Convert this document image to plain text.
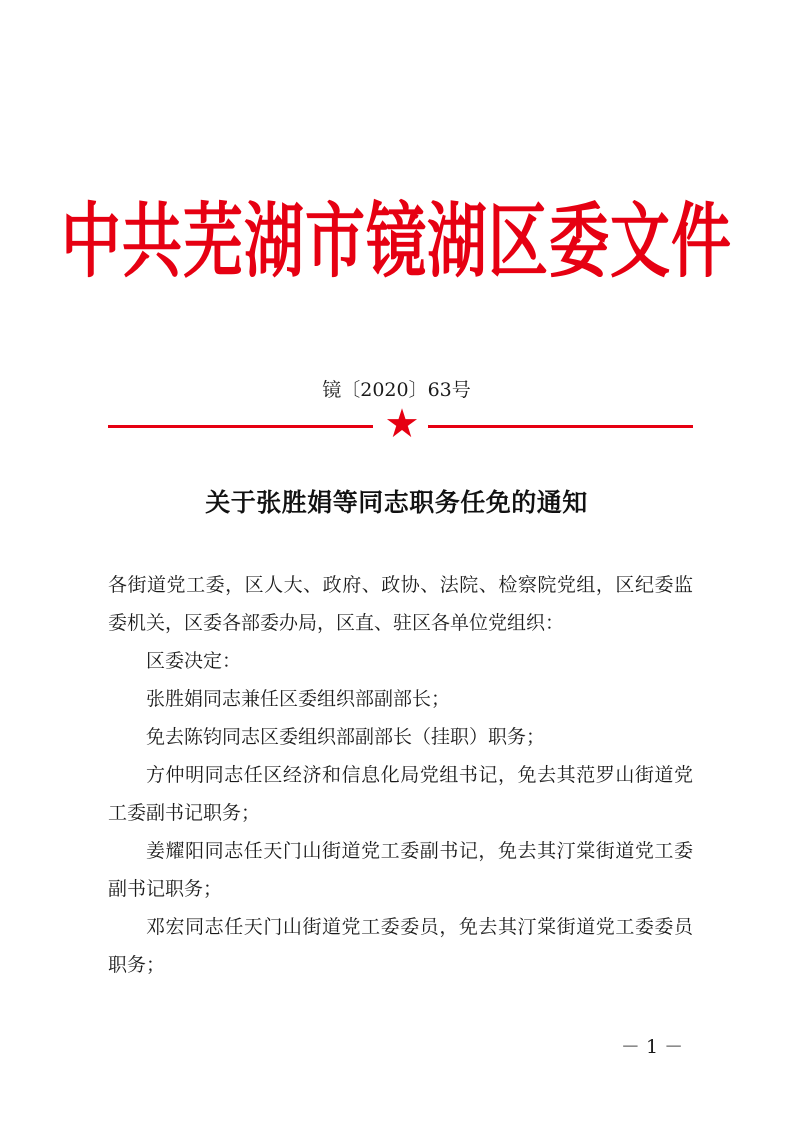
中共芜湖市镜湖区委文件
镜〔2020〕63号
关于张胜娟等同志职务任免的通知

各街道党工委，区人大、政府、政协、法院、检察院党组，区纪委监委机关，区委各部委办局，区直、驻区各单位党组织：

区委决定：

张胜娟同志兼任区委组织部副部长；

免去陈钧同志区委组织部副部长（挂职）职务；

方仲明同志任区经济和信息化局党组书记，免去其范罗山街道党工委副书记职务；

姜耀阳同志任天门山街道党工委副书记，免去其汀棠街道党工委副书记职务；

邓宏同志任天门山街道党工委委员，免去其汀棠街道党工委委员职务；

－ 1 －
